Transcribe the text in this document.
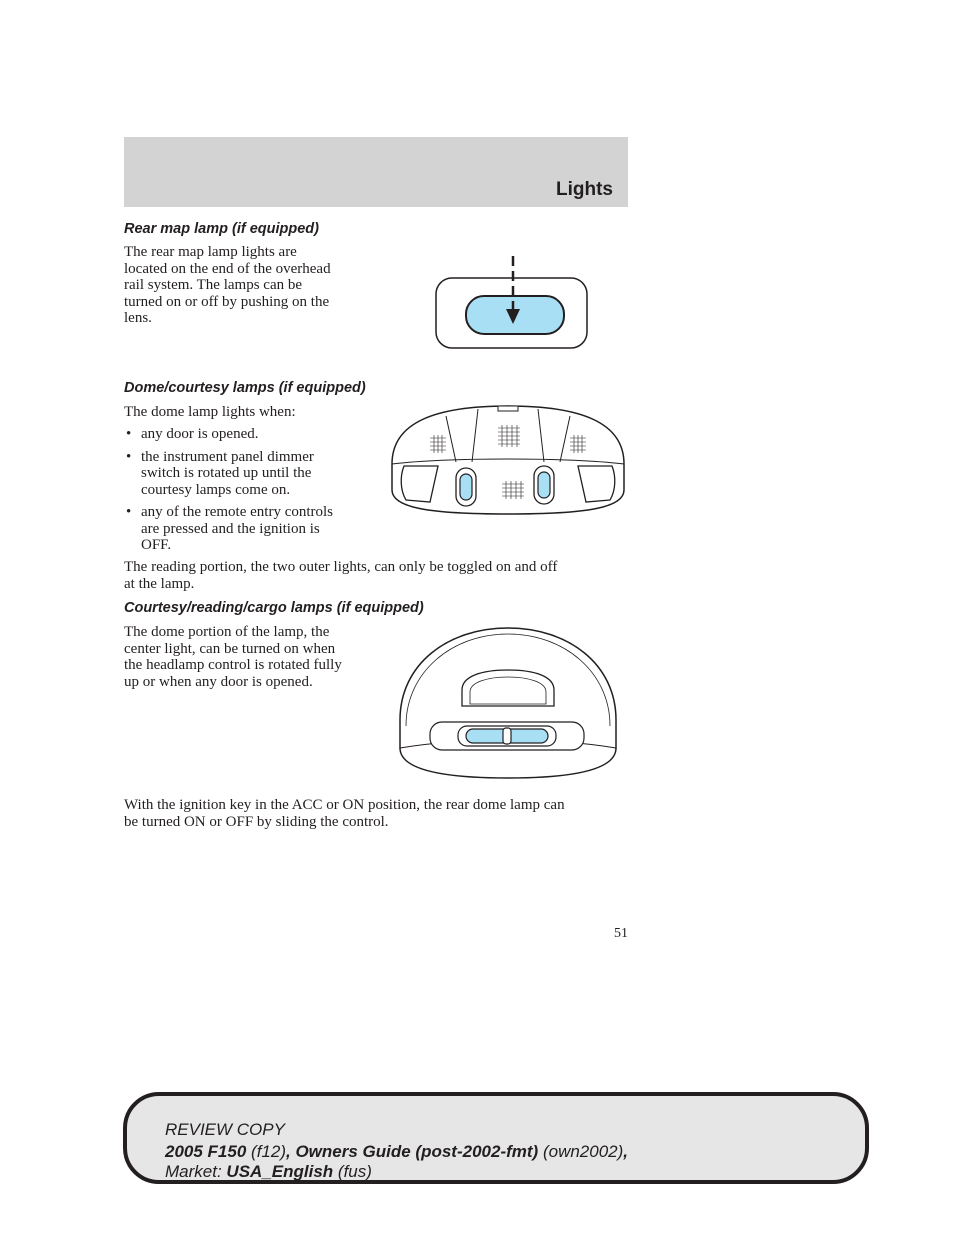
Lights
Rear map lamp (if equipped)

The rear map lamp lights are
located on the end of the overhead
rail system. The lamps can be
turned on or off by pushing on the
lens.

Dome/courtesy lamps (if equipped)

The dome lamp lights when:

• any door is opened.
• the instrument panel dimmer
switch is rotated up until the
courtesy lamps come on.
• any of the remote entry controls
are pressed and the ignition is
OFF.

The reading portion, the two outer lights, can only be toggled on and off
at the lamp.

Courtesy/reading/cargo lamps (if equipped)

The dome portion of the lamp, the
center light, can be turned on when
the headlamp control is rotated fully
up or when any door is opened.

With the ignition key in the ACC or ON position, the rear dome lamp can
be turned ON or OFF by sliding the control.

51
REVIEW COPY
2005 F150 (f12), Owners Guide (post-2002-fmt) (own2002),
Market: USA_English (fus)
